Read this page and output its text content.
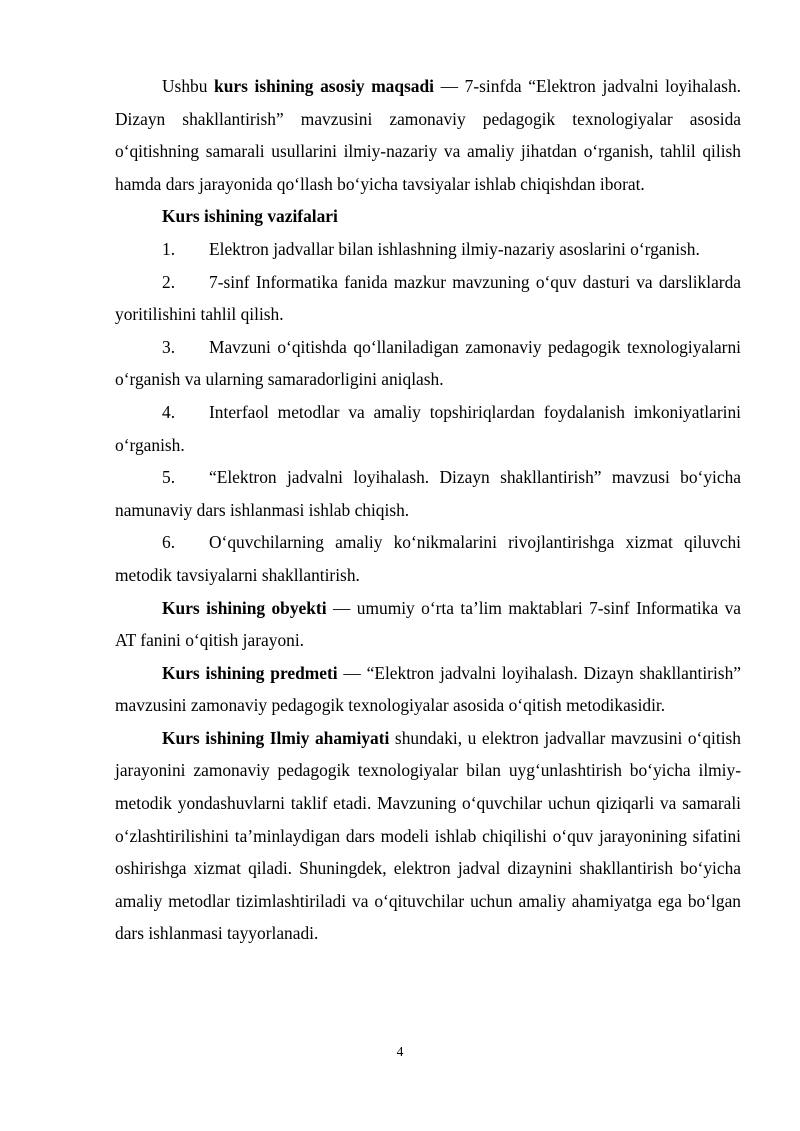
Ushbu kurs ishining asosiy maqsadi — 7-sinfda “Elektron jadvalni loyihalash. Dizayn shakllantirish” mavzusini zamonaviy pedagogik texnologiyalar asosida o‘qitishning samarali usullarini ilmiy-nazariy va amaliy jihatdan o‘rganish, tahlil qilish hamda dars jarayonida qo‘llash bo‘yicha tavsiyalar ishlab chiqishdan iborat.

Kurs ishining vazifalari

1. Elektron jadvallar bilan ishlashning ilmiy-nazariy asoslarini o‘rganish.

2. 7-sinf Informatika fanida mazkur mavzuning o‘quv dasturi va darsliklarda yoritilishini tahlil qilish.

3. Mavzuni o‘qitishda qo‘llaniladigan zamonaviy pedagogik texnologiyalarni o‘rganish va ularning samaradorligini aniqlash.

4. Interfaol metodlar va amaliy topshiriqlardan foydalanish imkoniyatlarini o‘rganish.

5. “Elektron jadvalni loyihalash. Dizayn shakllantirish” mavzusi bo‘yicha namunaviy dars ishlanmasi ishlab chiqish.

6. O‘quvchilarning amaliy ko‘nikmalarini rivojlantirishga xizmat qiluvchi metodik tavsiyalarni shakllantirish.

Kurs ishining obyekti — umumiy o‘rta ta’lim maktablari 7-sinf Informatika va AT fanini o‘qitish jarayoni.

Kurs ishining predmeti — “Elektron jadvalni loyihalash. Dizayn shakllantirish” mavzusini zamonaviy pedagogik texnologiyalar asosida o‘qitish metodikasidir.

Kurs ishining Ilmiy ahamiyati shundaki, u elektron jadvallar mavzusini o‘qitish jarayonini zamonaviy pedagogik texnologiyalar bilan uyg‘unlashtirish bo‘yicha ilmiy-metodik yondashuvlarni taklif etadi. Mavzuning o‘quvchilar uchun qiziqarli va samarali o‘zlashtirilishini ta’minlaydigan dars modeli ishlab chiqilishi o‘quv jarayonining sifatini oshirishga xizmat qiladi. Shuningdek, elektron jadval dizaynini shakllantirish bo‘yicha amaliy metodlar tizimlashtiriladi va o‘qituvchilar uchun amaliy ahamiyatga ega bo‘lgan dars ishlanmasi tayyorlanadi.

4
